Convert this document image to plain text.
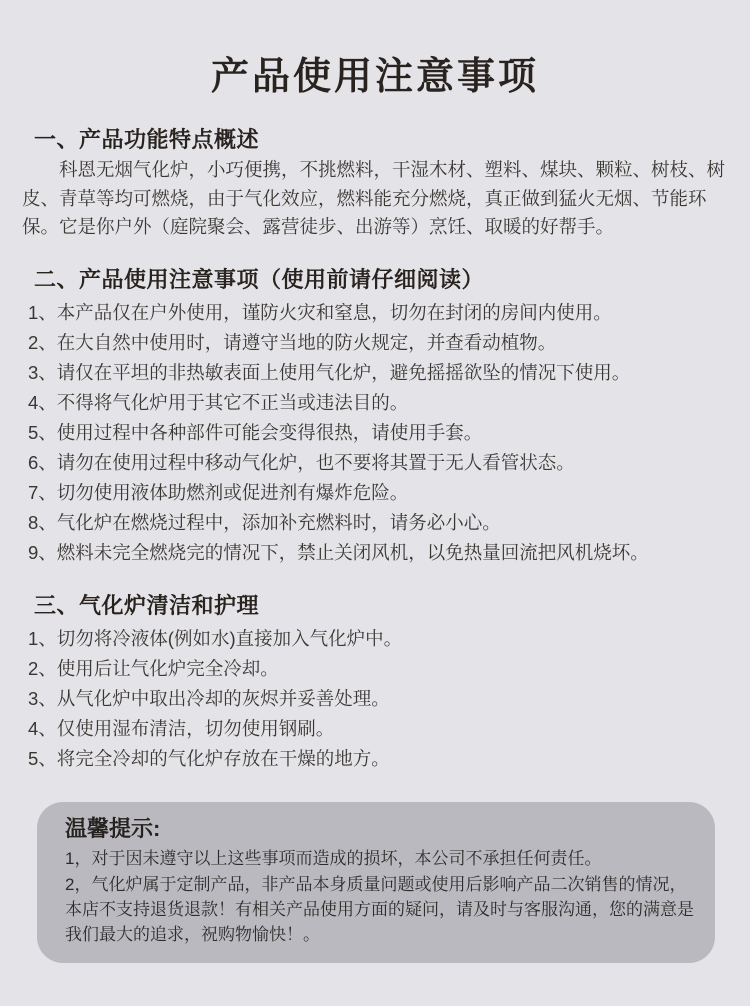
产品使用注意事项
一、产品功能特点概述

科恩无烟气化炉，小巧便携，不挑燃料，干湿木材、塑料、煤块、颗粒、树枝、树皮、青草等均可燃烧，由于气化效应，燃料能充分燃烧，真正做到猛火无烟、节能环保。它是你户外（庭院聚会、露营徒步、出游等）烹饪、取暖的好帮手。

二、产品使用注意事项（使用前请仔细阅读）
1、本产品仅在户外使用，谨防火灾和窒息，切勿在封闭的房间内使用。
2、在大自然中使用时，请遵守当地的防火规定，并查看动植物。
3、请仅在平坦的非热敏表面上使用气化炉，避免摇摇欲坠的情况下使用。
4、不得将气化炉用于其它不正当或违法目的。
5、使用过程中各种部件可能会变得很热，请使用手套。
6、请勿在使用过程中移动气化炉，也不要将其置于无人看管状态。
7、切勿使用液体助燃剂或促进剂有爆炸危险。
8、气化炉在燃烧过程中，添加补充燃料时，请务必小心。
9、燃料未完全燃烧完的情况下，禁止关闭风机，以免热量回流把风机烧坏。
三、气化炉清洁和护理
1、切勿将冷液体(例如水)直接加入气化炉中。
2、使用后让气化炉完全冷却。
3、从气化炉中取出冷却的灰烬并妥善处理。
4、仅使用湿布清洁，切勿使用钢刷。
5、将完全冷却的气化炉存放在干燥的地方。
温馨提示:
1，对于因未遵守以上这些事项而造成的损坏，本公司不承担任何责任。
2，气化炉属于定制产品，非产品本身质量问题或使用后影响产品二次销售的情况，本店不支持退货退款！有相关产品使用方面的疑问，请及时与客服沟通，您的满意是我们最大的追求，祝购物愉快！。
